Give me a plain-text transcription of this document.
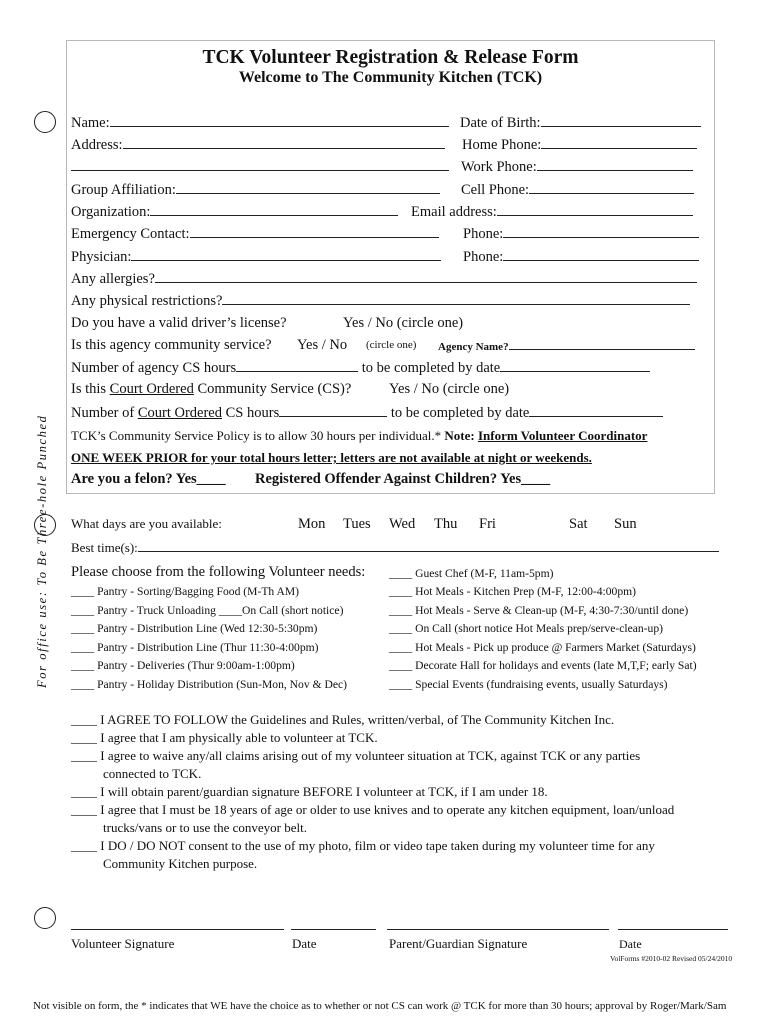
For office use: To Be Three-hole Punched
TCK Volunteer Registration & Release Form
Welcome to The Community Kitchen (TCK)
Name:	Date of Birth:
Address:	Home Phone:
Work Phone:
Group Affiliation:	Cell Phone:
Organization:	Email address:
Emergency Contact:	Phone:
Physician:	Phone:
Any allergies?
Any physical restrictions?
Do you have a valid driver’s license?	Yes / No (circle one)
Is this agency community service? Yes / No (circle one) Agency Name?
Number of agency CS hours	to be completed by date
Is this Court Ordered Community Service (CS)?	Yes / No (circle one)
Number of Court Ordered CS hours	to be completed by date
TCK’s Community Service Policy is to allow 30 hours per individual.* Note: Inform Volunteer Coordinator
ONE WEEK PRIOR for your total hours letter; letters are not available at night or weekends.
Are you a felon? Yes____ Registered Offender Against Children? Yes____
What days are you available:	Mon Tues Wed Thu Fri	Sat Sun
Best time(s):
Please choose from the following Volunteer needs:
____ Pantry - Sorting/Bagging Food (M-Th AM)
____ Pantry - Truck Unloading ____On Call (short notice)
____ Pantry - Distribution Line (Wed 12:30-5:30pm)
____ Pantry - Distribution Line (Thur 11:30-4:00pm)
____ Pantry - Deliveries (Thur 9:00am-1:00pm)
____ Pantry - Holiday Distribution (Sun-Mon, Nov & Dec)
____ Guest Chef (M-F, 11am-5pm)
____ Hot Meals - Kitchen Prep (M-F, 12:00-4:00pm)
____ Hot Meals - Serve & Clean-up (M-F, 4:30-7:30/until done)
____ On Call (short notice Hot Meals prep/serve-clean-up)
____ Hot Meals - Pick up produce @ Farmers Market (Saturdays)
____ Decorate Hall for holidays and events (late M,T,F; early Sat)
____ Special Events (fundraising events, usually Saturdays)
____ I AGREE TO FOLLOW the Guidelines and Rules, written/verbal, of The Community Kitchen Inc.
____ I agree that I am physically able to volunteer at TCK.
____ I agree to waive any/all claims arising out of my volunteer situation at TCK, against TCK or any parties
connected to TCK.
____ I will obtain parent/guardian signature BEFORE I volunteer at TCK, if I am under 18.
____ I agree that I must be 18 years of age or older to use knives and to operate any kitchen equipment, loan/unload
trucks/vans or to use the conveyor belt.
____ I DO / DO NOT consent to the use of my photo, film or video tape taken during my volunteer time for any
Community Kitchen purpose.
Volunteer Signature	Date	Parent/Guardian Signature	Date
VolForms #2010-02 Revised 05/24/2010
Not visible on form, the * indicates that WE have the choice as to whether or not CS can work @ TCK for more than 30 hours; approval by Roger/Mark/Sam
